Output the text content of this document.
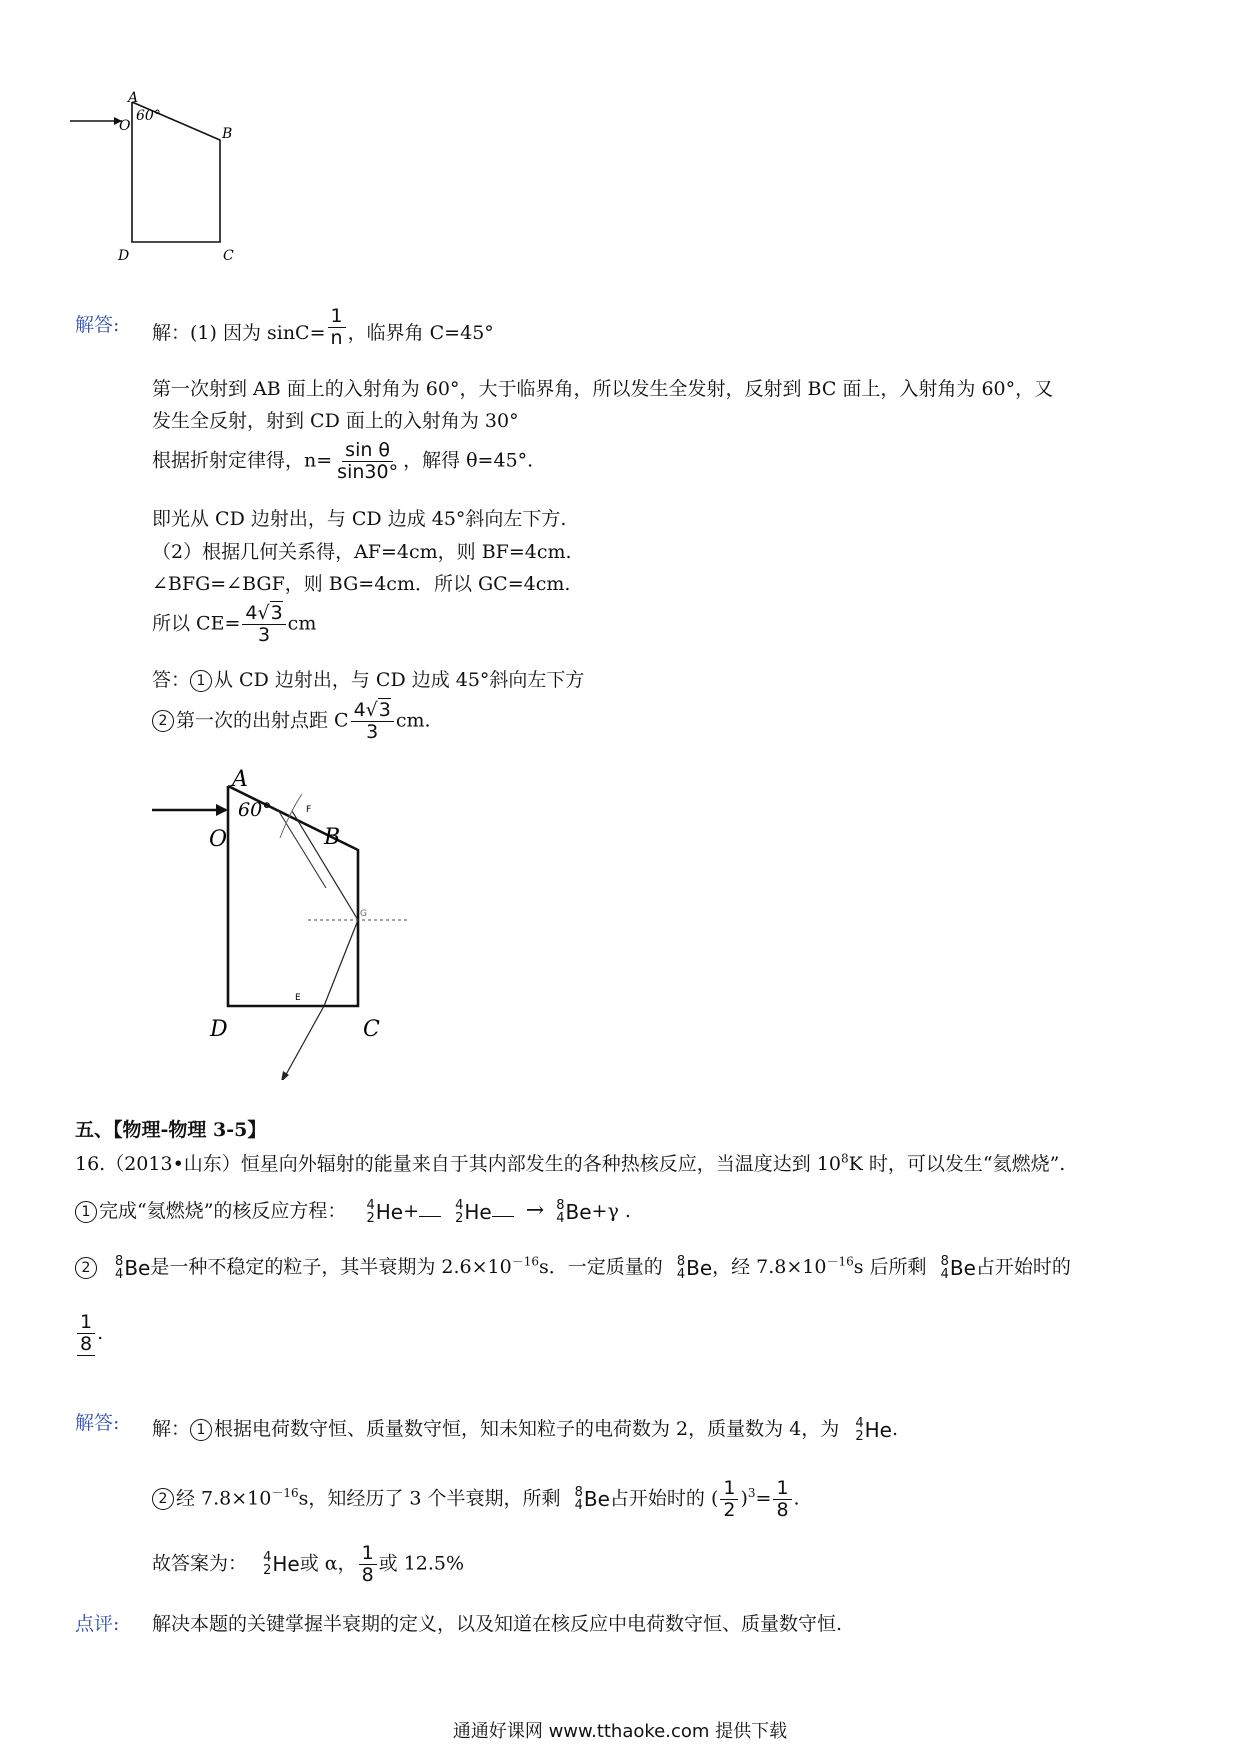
A
60°
O	B
C
D
解答: 解：(1) 因为 $\sin C= \frac{1}{n}$ ，临界角 C=45°
第一次射到 AB 面上的入射角为 60°，大于临界角，所以发生全发射，反射到 BC 面上，入射角为 60°，又
发生全反射，射到 CD 面上的入射角为 30°
根据折射定律得，$n= \frac{\text{sin θ}}{\sin 30^\circ}$ ，解得 θ=45°.
即光从 CD 边射出，与 CD 边成 45°斜向左下方.
（2）根据几何关系得，AF=4cm，则 BF=4cm.
∠BFG=∠BGF，则 BG=4cm．所以 GC=4cm.
所以 $CE= \frac{4√3}{3}$ cm
答： 1 从 CD 边射出，与 CD 边成 45°斜向左下方
2 第一次的出射点距 C $\frac{4√3}{3}$ cm.
A
60°
O	B
C
D
F
G
E
五、【物理-物理 3-5】
16.（2013•山东）恒星向外辐射的能量来自于其内部发生的各种热核反应，当温度达到 $10^8K$ 时，可以发生“氦燃烧”.
1 完成“氦燃烧”的核反应方程： 4
2 He +	4
2 He → 8
4 Be +γ .
2 8
4 Be 是一种不稳定的粒子，其半衰期为 $2.6\times 10^{-16}s$．一定质量的 8
4 Be ，经 $7.8\times 10^{-16}s$ 后所剩 8
4 Be 占开始时的
$\frac{1}{8}$ .
解答: 解： 1 根据电荷数守恒、质量数守恒，知未知粒子的电荷数为 2，质量数为 4，为 4
2 He .
2 经 $7.8\times 10^{-16}s$，知经历了 3 个半衰期，所剩 8
4 Be 占开始时的 ( $\frac{1}{2} )^3= \frac{1}{8}$ .
故答案为： 4
2 He 或 α， $\frac{1}{8}$ 或 12.5%
点评: 解决本题的关键掌握半衰期的定义，以及知道在核反应中电荷数守恒、质量数守恒.
通通好课网 www.tthaoke.com 提供下载
